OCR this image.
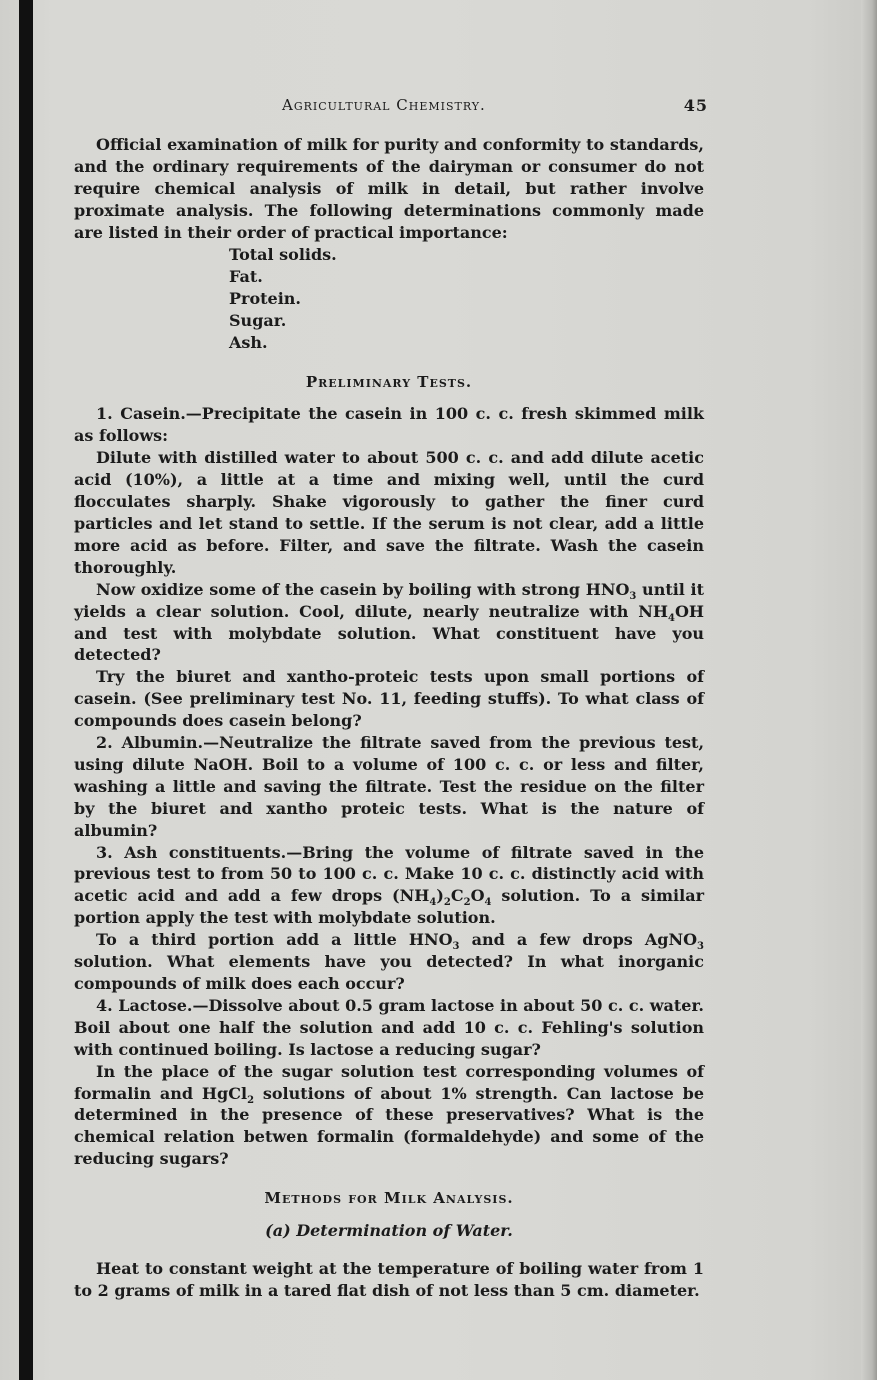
Agricultural Chemistry.	45

Official examination of milk for purity and conformity to standards, and the ordinary requirements of the dairyman or consumer do not require chemical analysis of milk in detail, but rather involve proximate analysis. The following determinations commonly made are listed in their order of practical importance:

Total solids.
Fat.
Protein.
Sugar.
Ash.
Preliminary Tests.

1. Casein.—Precipitate the casein in 100 c. c. fresh skimmed milk as follows:

Dilute with distilled water to about 500 c. c. and add dilute acetic acid (10%), a little at a time and mixing well, until the curd flocculates sharply. Shake vigorously to gather the finer curd particles and let stand to settle. If the serum is not clear, add a little more acid as before. Filter, and save the filtrate. Wash the casein thoroughly.

Now oxidize some of the casein by boiling with strong $HNO_3$ until it yields a clear solution. Cool, dilute, nearly neutralize with $NH_4OH$ and test with molybdate solution. What constituent have you detected?

Try the biuret and xantho-proteic tests upon small portions of casein. (See preliminary test No. 11, feeding stuffs). To what class of compounds does casein belong?

2. Albumin.—Neutralize the filtrate saved from the previous test, using dilute NaOH. Boil to a volume of 100 c. c. or less and filter, washing a little and saving the filtrate. Test the residue on the filter by the biuret and xantho proteic tests. What is the nature of albumin?

3. Ash constituents.—Bring the volume of filtrate saved in the previous test to from 50 to 100 c. c. Make 10 c. c. distinctly acid with acetic acid and add a few drops $(NH_4)_2C_2O_4$ solution. To a similar portion apply the test with molybdate solution.

To a third portion add a little $HNO_3$ and a few drops AgNO$_3$ solution. What elements have you detected? In what inorganic compounds of milk does each occur?

4. Lactose.—Dissolve about 0.5 gram lactose in about 50 c. c. water. Boil about one half the solution and add 10 c. c. Fehling's solution with continued boiling. Is lactose a reducing sugar?

In the place of the sugar solution test corresponding volumes of formalin and HgCl$_2$ solutions of about 1% strength. Can lactose be determined in the presence of these preservatives? What is the chemical relation betwen formalin (formaldehyde) and some of the reducing sugars?

Methods for Milk Analysis.
(a) Determination of Water.

Heat to constant weight at the temperature of boiling water from 1 to 2 grams of milk in a tared flat dish of not less than 5 cm. diameter.
